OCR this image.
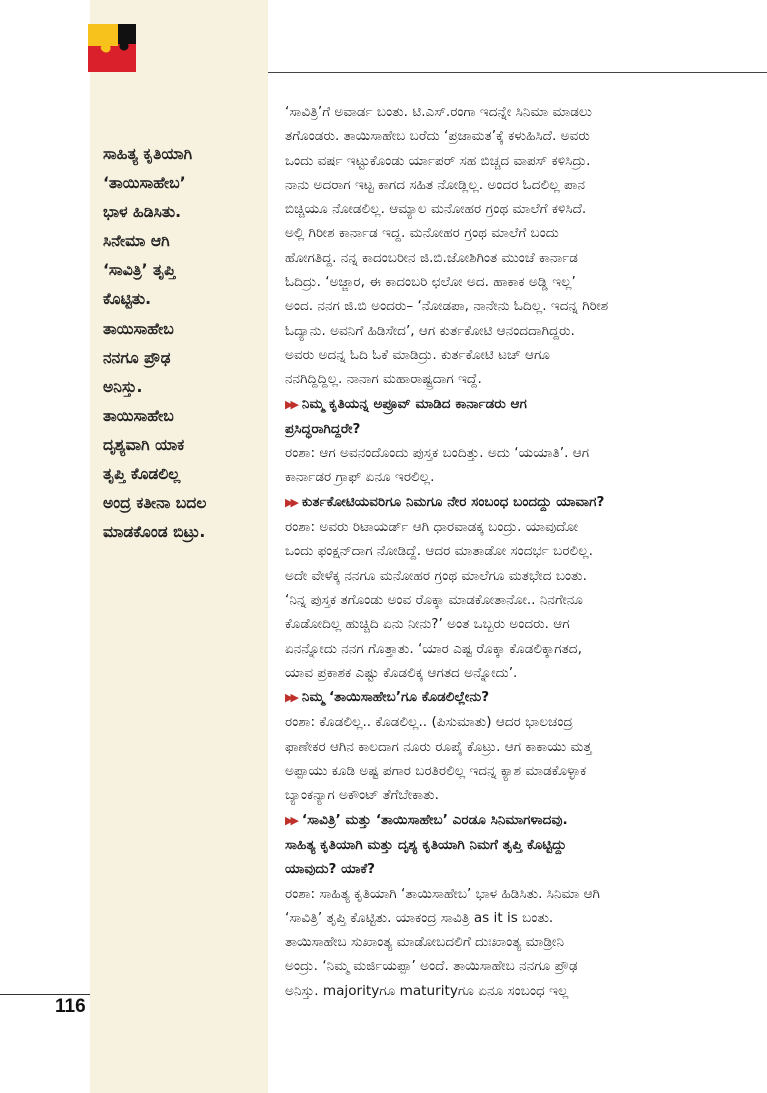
ಸಾಹಿತ್ಯ ಕೃತಿಯಾಗಿ
‘ತಾಯಿಸಾಹೇಬ’
ಭಾಳ ಹಿಡಿಸಿತು.
ಸಿನೇಮಾ ಆಗಿ
‘ಸಾವಿತ್ರಿ’ ತೃಪ್ತಿ
ಕೊಟ್ಟಿತು.
ತಾಯಿಸಾಹೇಬ
ನನಗೂ ಪ್ರೌಢ
ಅನಿಸ್ತು.
ತಾಯಿಸಾಹೇಬ
ದೃಶ್ಯವಾಗಿ ಯಾಕ
ತೃಪ್ತಿ ಕೊಡಲಿಲ್ಲ
ಅಂದ್ರ ಕತೀನಾ ಬದಲ
ಮಾಡಕೊಂಡ ಬಿಟ್ರು.
‘ಸಾವಿತ್ರಿ’ಗೆ ಅವಾರ್ಡ ಬಂತು. ಟಿ.ಎಸ್.ರಂಗಾ ಇದನ್ನೇ ಸಿನಿಮಾ ಮಾಡಲು
ತಗೊಂಡರು. ತಾಯಿಸಾಹೇಬ ಬರೆದು ‘ಪ್ರಜಾಮತ’ಕ್ಕೆ ಕಳುಹಿಸಿದೆ. ಅವರು
ಒಂದು ವರ್ಷ ಇಟ್ಟುಕೊಂಡು ರ್ಯಾಪರ್ ಸಹ ಬಿಚ್ಚದ ವಾಪಸ್ ಕಳಿಸಿದ್ರು.
ನಾನು ಅದರಾಗ ಇಟ್ಟ ಕಾಗದ ಸಹಿತ ನೋಡ್ಲಿಲ್ಲ. ಅಂದರ ಓದಲಿಲ್ಲ ಪಾನ
ಬಿಚ್ಚಿಯೂ ನೋಡಲಿಲ್ಲ. ಆಮ್ಯಾಲ ಮನೋಹರ ಗ್ರಂಥ ಮಾಲೆಗೆ ಕಳಿಸಿದೆ.
ಅಲ್ಲಿ ಗಿರೀಶ ಕಾರ್ನಾಡ ಇದ್ದ. ಮನೋಹರ ಗ್ರಂಥ ಮಾಲೆಗೆ ಬಂದು
ಹೋಗತಿದ್ದ. ನನ್ನ ಕಾದಂಬರೀನ ಜಿ.ಬಿ.ಜೋಶಿಗಿಂತ ಮುಂಚೆ ಕಾರ್ನಾಡ
ಓದಿದ್ರು. ‘ಅಜ್ಜಾರ, ಈ ಕಾದಂಬರಿ ಛಲೋ ಅದ. ಹಾಕಾಕ ಅಡ್ಡಿ ಇಲ್ಲ’
ಅಂದ. ನನಗ ಜಿ.ಬಿ ಅಂದರು– ‘ನೋಡಪಾ, ನಾನೇನು ಓದಿಲ್ಲ. ಇದನ್ನ ಗಿರೀಶ
ಓದ್ಯಾನು. ಅವನಿಗೆ ಹಿಡಿಸೇದ’, ಆಗ ಕುರ್ತಕೋಟಿ ಆನಂದದಾಗಿದ್ದರು.
ಅವರು ಅದನ್ನ ಓದಿ ಓಕೆ ಮಾಡಿದ್ರು. ಕುರ್ತಕೋಟಿ ಟಚ್ ಆಗೂ
ನನಗಿದ್ದಿದ್ದಿಲ್ಲ. ನಾನಾಗ ಮಹಾರಾಷ್ಟ್ರದಾಗ ಇದ್ದೆ.
▶▶ ನಿಮ್ಮ ಕೃತಿಯನ್ನ ಅಪ್ರೂವ್ ಮಾಡಿದ ಕಾರ್ನಾಡರು ಆಗ
ಪ್ರಸಿದ್ಧರಾಗಿದ್ದರೇ?
ರಂಶಾ: ಆಗ ಅವನಂದೊಂದು ಪುಸ್ತಕ ಬಂದಿತ್ತು. ಅದು ‘ಯಯಾತಿ’. ಆಗ
ಕಾರ್ನಾಡರ ಗ್ರಾಫ್ ಏನೂ ಇರಲಿಲ್ಲ.
▶▶ ಕುರ್ತಕೋಟಿಯವರಿಗೂ ನಿಮಗೂ ನೇರ ಸಂಬಂಧ ಬಂದದ್ದು ಯಾವಾಗ?
ರಂಶಾ: ಅವರು ರಿಟಾಯರ್ಡ್ ಆಗಿ ಧಾರವಾಡಕ್ಕ ಬಂದ್ರು. ಯಾವುದೋ
ಒಂದು ಫಂಕ್ಷನ್‌ದಾಗ ನೋಡಿದ್ದೆ. ಆದರ ಮಾತಾಡೋ ಸಂದರ್ಭ ಬರಲಿಲ್ಲ.
ಅದೇ ವೇಳೆಕ್ಕ ನನಗೂ ಮನೋಹರ ಗ್ರಂಥ ಮಾಲೆಗೂ ಮತಭೇದ ಬಂತು.
‘ನಿನ್ನ ಪುಸ್ತಕ ತಗೊಂಡು ಅಂವ ರೊಕ್ಕಾ ಮಾಡಕೋತಾನೋ.. ನಿನಗೇನೂ
ಕೊಡೋದಿಲ್ಲ ಹುಚ್ಚಿದಿ ಏನು ನೀನು?’ ಅಂತ ಒಬ್ಬರು ಅಂದರು. ಆಗ
ಏನನ್ನೋದು ನನಗ ಗೊತ್ತಾತು. ‘ಯಾರ ಎಷ್ಟ ರೊಕ್ಕಾ ಕೊಡಲಿಕ್ಕಾಗತದ,
ಯಾವ ಪ್ರಕಾಶಕ ಎಷ್ಟು ಕೊಡಲಿಕ್ಕ ಆಗತದ ಅನ್ನೋದು’.
▶▶ ನಿಮ್ಮ ‘ತಾಯಿಸಾಹೇಬ’ಗೂ ಕೊಡಲಿಲ್ಲೇನು?
ರಂಶಾ: ಕೊಡಲಿಲ್ಲ.. ಕೊಡಲಿಲ್ಲ.. (ಪಿಸುಮಾತು) ಆದರ ಭಾಲಚಂದ್ರ
ಫಾಣೇಕರ ಆಗಿನ ಕಾಲದಾಗ ನೂರು ರೂಪೈ ಕೊಟ್ರು. ಆಗ ಕಾಕಾಯು ಮತ್ತ
ಅಪ್ಪಾಯು ಕೂಡಿ ಅಷ್ಟ ಪಗಾರ ಬರತಿರಲಿಲ್ಲ ಇದನ್ನ ಕ್ಯಾಶ ಮಾಡಕೊಳ್ಳಾಕ
ಬ್ಯಾಂಕನ್ಯಾಗ ಅಕೌಂಟ್ ತೆಗೆಬೇಕಾತು.
▶▶ ‘ಸಾವಿತ್ರಿ’ ಮತ್ತು ‘ತಾಯಿಸಾಹೇಬ’ ಎರಡೂ ಸಿನಿಮಾಗಳಾದವು.
ಸಾಹಿತ್ಯ ಕೃತಿಯಾಗಿ ಮತ್ತು ದೃಶ್ಯ ಕೃತಿಯಾಗಿ ನಿಮಗೆ ತೃಪ್ತಿ ಕೊಟ್ಟಿದ್ದು
ಯಾವುದು? ಯಾಕೆ?
ರಂಶಾ: ಸಾಹಿತ್ಯ ಕೃತಿಯಾಗಿ ‘ತಾಯಿಸಾಹೇಬ’ ಭಾಳ ಹಿಡಿಸಿತು. ಸಿನಿಮಾ ಆಗಿ
‘ಸಾವಿತ್ರಿ’ ತೃಪ್ತಿ ಕೊಟ್ಟಿತು. ಯಾಕಂದ್ರ ಸಾವಿತ್ರಿ as it is ಬಂತು.
ತಾಯಿಸಾಹೇಬ ಸುಖಾಂತ್ಯ ಮಾಡೋಬದಲಿಗೆ ದುಃಖಾಂತ್ಯ ಮಾಡ್ರೀನಿ
ಅಂದ್ರು. ‘ನಿಮ್ಮ ಮರ್ಜಿಯಪ್ಪಾ’ ಅಂದೆ. ತಾಯಿಸಾಹೇಬ ನನಗೂ ಪ್ರೌಢ
ಅನಿಸ್ತು. majorityಗೂ maturityಗೂ ಏನೂ ಸಂಬಂಧ ಇಲ್ಲ
116
